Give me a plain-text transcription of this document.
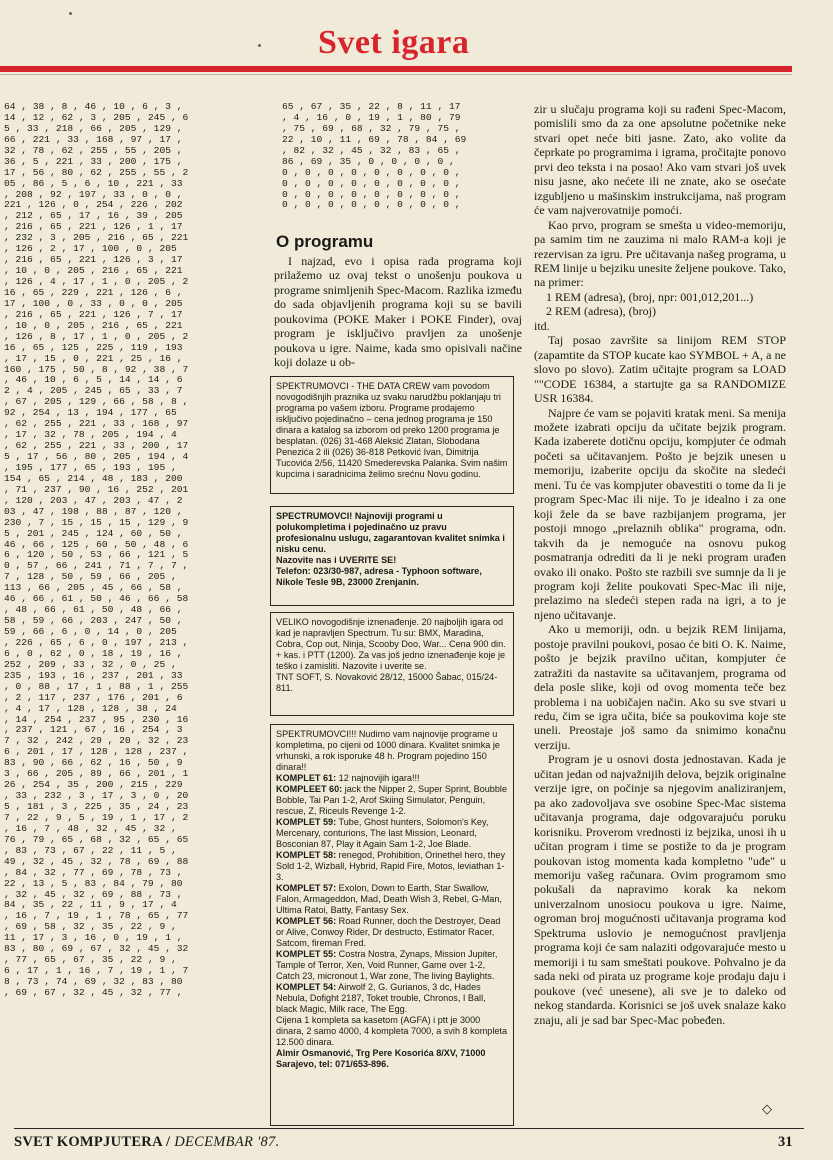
Svet igara
64 , 38 , 8 , 46 , 10 , 6 , 3 ,
14 , 12 , 62 , 3 , 205 , 245 , 6
5 , 33 , 218 , 66 , 205 , 129 ,
66 , 221 , 33 , 168 , 97 , 17 ,
32 , 78 , 62 , 255 , 55 , 205 ,
36 , 5 , 221 , 33 , 200 , 175 ,
17 , 56 , 80 , 62 , 255 , 55 , 2
05 , 86 , 5 , 6 , 10 , 221 , 33
, 208 , 92 , 197 , 33 , 0 , 0 ,
221 , 126 , 0 , 254 , 226 , 202
, 212 , 65 , 17 , 16 , 39 , 205
, 216 , 65 , 221 , 126 , 1 , 17
, 232 , 3 , 205 , 216 , 65 , 221
, 126 , 2 , 17 , 100 , 0 , 205
, 216 , 65 , 221 , 126 , 3 , 17
, 10 , 0 , 205 , 216 , 65 , 221
, 126 , 4 , 17 , 1 , 0 , 205 , 2
16 , 65 , 229 , 221 , 126 , 6 ,
17 , 100 , 0 , 33 , 0 , 0 , 205
, 216 , 65 , 221 , 126 , 7 , 17
, 10 , 0 , 205 , 216 , 65 , 221
, 126 , 8 , 17 , 1 , 0 , 205 , 2
16 , 65 , 125 , 225 , 119 , 193
, 17 , 15 , 0 , 221 , 25 , 16 ,
160 , 175 , 50 , 8 , 92 , 38 , 7
, 46 , 10 , 6 , 5 , 14 , 14 , 6
2 , 4 , 205 , 245 , 65 , 33 , 7
, 67 , 205 , 129 , 66 , 58 , 8 ,
92 , 254 , 13 , 194 , 177 , 65
, 62 , 255 , 221 , 33 , 168 , 97
, 17 , 32 , 78 , 205 , 194 , 4
, 62 , 255 , 221 , 33 , 200 , 17
5 , 17 , 56 , 80 , 205 , 194 , 4
, 195 , 177 , 65 , 193 , 195 ,
154 , 65 , 214 , 48 , 183 , 200
, 71 , 237 , 90 , 16 , 252 , 201
, 120 , 203 , 47 , 203 , 47 , 2
03 , 47 , 198 , 88 , 87 , 120 ,
230 , 7 , 15 , 15 , 15 , 129 , 9
5 , 201 , 245 , 124 , 60 , 50 ,
46 , 66 , 125 , 60 , 50 , 48 , 6
6 , 120 , 50 , 53 , 66 , 121 , 5
0 , 57 , 66 , 241 , 71 , 7 , 7 ,
7 , 128 , 50 , 59 , 66 , 205 ,
113 , 66 , 205 , 45 , 66 , 58 ,
46 , 66 , 61 , 50 , 46 , 66 , 58
, 48 , 66 , 61 , 50 , 48 , 66 ,
58 , 59 , 66 , 203 , 247 , 50 ,
59 , 66 , 6 , 0 , 14 , 0 , 205
, 226 , 65 , 6 , 0 , 197 , 213 ,
6 , 0 , 62 , 0 , 18 , 19 , 16 ,
252 , 209 , 33 , 32 , 0 , 25 ,
235 , 193 , 16 , 237 , 201 , 33
, 0 , 88 , 17 , 1 , 88 , 1 , 255
, 2 , 117 , 237 , 176 , 201 , 6
, 4 , 17 , 128 , 128 , 38 , 24
, 14 , 254 , 237 , 95 , 230 , 16
, 237 , 121 , 67 , 16 , 254 , 3
7 , 32 , 242 , 29 , 20 , 32 , 23
6 , 201 , 17 , 128 , 128 , 237 ,
83 , 90 , 66 , 62 , 16 , 50 , 9
3 , 66 , 205 , 89 , 66 , 201 , 1
26 , 254 , 35 , 200 , 215 , 229
, 33 , 232 , 3 , 17 , 3 , 0 , 20
5 , 181 , 3 , 225 , 35 , 24 , 23
7 , 22 , 9 , 5 , 19 , 1 , 17 , 2
, 16 , 7 , 48 , 32 , 45 , 32 ,
76 , 79 , 65 , 68 , 32 , 65 , 65
, 83 , 73 , 67 , 22 , 11 , 5 ,
49 , 32 , 45 , 32 , 78 , 69 , 88
, 84 , 32 , 77 , 69 , 78 , 73 ,
22 , 13 , 5 , 83 , 84 , 79 , 80
, 32 , 45 , 32 , 69 , 88 , 73 ,
84 , 35 , 22 , 11 , 9 , 17 , 4
, 16 , 7 , 19 , 1 , 78 , 65 , 77
, 69 , 58 , 32 , 35 , 22 , 9 ,
11 , 17 , 3 , 16 , 0 , 19 , 1 ,
83 , 80 , 69 , 67 , 32 , 45 , 32
, 77 , 65 , 67 , 35 , 22 , 9 ,
6 , 17 , 1 , 16 , 7 , 19 , 1 , 7
8 , 73 , 74 , 69 , 32 , 83 , 80
, 69 , 67 , 32 , 45 , 32 , 77 ,
65 , 67 , 35 , 22 , 8 , 11 , 17
, 4 , 16 , 0 , 19 , 1 , 80 , 79
, 75 , 69 , 68 , 32 , 79 , 75 ,
22 , 10 , 11 , 69 , 78 , 84 , 69
, 82 , 32 , 45 , 32 , 83 , 65 ,
86 , 69 , 35 , 0 , 0 , 0 , 0 ,
0 , 0 , 0 , 0 , 0 , 0 , 0 , 0 ,
0 , 0 , 0 , 0 , 0 , 0 , 0 , 0 ,
0 , 0 , 0 , 0 , 0 , 0 , 0 , 0 ,
0 , 0 , 0 , 0 , 0 , 0 , 0 , 0 ,
O programu

I najzad, evo i opisa rada programa koji prilažemo uz ovaj tekst o unošenju poukova u programe snimljenih Spec-Macom. Razlika između do sada objavljenih programa koji su se bavili poukovima (POKE Maker i POKE Finder), ovaj program je isključivo pravljen za unošenje poukova u igre. Naime, kada smo opisivali načine koji dolaze u ob-

SPEKTRUMOVCI - THE DATA CREW vam povodom novogodišnjih praznika uz svaku narudžbu poklanjaju tri programa po vašem izboru. Programe prodajemo isključivo pojedinačno – cena jednog programa je 150 dinara a katalog sa izborom od preko 1200 programa je besplatan. (026) 31-468 Aleksić Zlatan, Slobodana Penezića 2 ili (026) 36-818 Petković Ivan, Dimitrija Tucovića 2/56, 11420 Smederevska Palanka. Svim našim kupcima i saradnicima želimo srećnu Novu godinu.

SPECTRUMOVCI! Najnoviji programi u polukompletima i pojedinačno uz pravu profesionalnu uslugu, zagarantovan kvalitet snimka i nisku cenu.

Nazovite nas i UVERITE SE!

Telefon: 023/30-987, adresa - Typhoon software, Nikole Tesle 9B, 23000 Zrenjanin.

VELIKO novogodišnje iznenađenje. 20 najboljih igara od kad je napravljen Spectrum. Tu su: BMX, Maradina, Cobra, Cop out, Ninja, Scooby Doo, War... Cena 900 din. + kas. i PTT (1200). Za vas još jedno iznenađenje koje je teško i zamisliti. Nazovite i uverite se.

TNT SOFT, S. Novaković 28/12, 15000 Šabac, 015/24-811.

SPEKTRUMOVCI!!! Nudimo vam najnovije programe u kompletima, po cijeni od 1000 dinara. Kvalitet snimka je vrhunski, a rok isporuke 48 h. Program pojedino 150 dinara!!

KOMPLET 61: 12 najnovijih igara!!!

KOMPLEET 60: jack the Nipper 2, Super Sprint, Boubble Bobble, Tai Pan 1-2, Arof Skiing Simulator, Penguin, rescue, Z, Riceuls Revenge 1-2.

KOMPLET 59: Tube, Ghost hunters, Solomon's Key, Mercenary, conturions, The last Mission, Leonard, Bosconian 87, Play it Again Sam 1-2, Joe Blade.

KOMPLET 58: renegod, Prohibition, Orinethel hero, they Sold 1-2, Wizball, Hybrid, Rapid Fire, Motos, leviathan 1-3.

KOMPLET 57: Exolon, Down to Earth, Star Swallow, Falon, Armageddon, Mad, Death Wish 3, Rebel, G-Man, Ultima Ratoi, Batty, Fantasy Sex.

KOMPLET 56: Road Runner, doch the Destroyer, Dead or Alive, Conwoy Rider, Dr destructo, Estimator Racer, Satcom, fireman Fred.

KOMPLET 55: Costra Nostra, Zynaps, Mission Jupiter, Tample of Terror, Xen, Void Runner, Game over 1-2, Catch 23, micronout 1, War zone, The living Baylights.

KOMPLET 54: Airwolf 2, G. Gurianos, 3 dc, Hades Nebula, Dofight 2187, Toket trouble, Chronos, I Ball, black Magic, Milk race, The Egg.

Cijena 1 kompleta sa kasetom (AGFA) i ptt je 3000 dinara, 2 samo 4000, 4 kompleta 7000, a svih 8 kompleta 12.500 dinara.

Almir Osmanović, Trg Pere Kosorića 8/XV, 71000 Sarajevo, tel: 071/653-896.

zir u slučaju programa koji su rađeni Spec-Macom, pomislili smo da za one apsolutne početnike neke stvari opet neće biti jasne. Zato, ako volite da čeprkate po programima i igrama, pročitajte ponovo prvi deo teksta i na posao! Ako vam stvari još uvek nisu jasne, ako nećete ili ne znate, ako se osećate izgubljeno u mašinskim instrukcijama, naš program će vam najverovatnije pomoći.

Kao prvo, program se smešta u video-memoriju, pa samim tim ne zauzima ni malo RAM-a koji je rezervisan za igru. Pre učitavanja našeg programa, u REM linije u bejziku unesite željene poukove. Tako, na primer:

1 REM (adresa), (broj, npr: 001,012,201...)

2 REM (adresa), (broj)

itd.

Taj posao završite sa linijom REM STOP (zapamtite da STOP kucate kao SYMBOL + A, a ne slovo po slovo). Zatim učitajte program sa LOAD ""CODE 16384, a startujte ga sa RANDOMIZE USR 16384.

Najpre će vam se pojaviti kratak meni. Sa menija možete izabrati opciju da učitate bejzik program. Kada izaberete dotičnu opciju, kompjuter će odmah početi sa učitavanjem. Pošto je bejzik unesen u memoriju, izaberite opciju da skočite na sledeći meni. Tu će vas kompjuter obavestiti o tome da li je program Spec-Mac ili nije. To je idealno i za one koji žele da se bave razbijanjem programa, jer postoji mnogo „prelaznih oblika" programa, odn. takvih da je nemoguće na osnovu pukog posmatranja odrediti da li je neki program urađen ovako ili onako. Pošto ste razbili sve sumnje da li je program koji želite poukovati Spec-Mac ili nije, prelazimo na sledeći stepen rada na igri, a to je njeno učitavanje.

Ako u memoriji, odn. u bejzik REM linijama, postoje pravilni poukovi, posao će biti O. K. Naime, pošto je bejzik pravilno učitan, kompjuter će zatražiti da nastavite sa učitavanjem, programa od dela posle slike, koji od ovog momenta teče bez problema i na uobičajen način. Ako su sve stvari u redu, čim se igra učita, biće sa poukovima koje ste uneli. Preostaje još samo da snimimo konačnu verziju.

Program je u osnovi dosta jednostavan. Kada je učitan jedan od najvažnijih delova, bejzik originalne verzije igre, on počinje sa njegovim analiziranjem, pa ako zadovoljava sve osobine Spec-Mac sistema učitavanja programa, daje odgovarajuću poruku korisniku. Proverom vrednosti iz bejzika, unosi ih u učitan program i time se postiže to da je program poukovan istog momenta kada kompletno "uđe" u memoriju vašeg računara. Ovim programom smo pokušali da napravimo korak ka nekom univerzalnom unosiocu poukova u igre. Naime, ogroman broj mogućnosti učitavanja programa kod Spektruma uslovio je nemogućnost pravljenja programa koji će sam nalaziti odgovarajuće mesto u memoriji i tu sam smeštati poukove. Pohvalno je da sada neki od pirata uz programe koje prodaju daju i poukove (već unesene), ali sve je to daleko od nekog standarda. Korisnici se još uvek snalaze kako znaju, ali je sad bar Spec-Mac pobeđen.

◇
SVET KOMPJUTERA / DECEMBAR '87.	31
